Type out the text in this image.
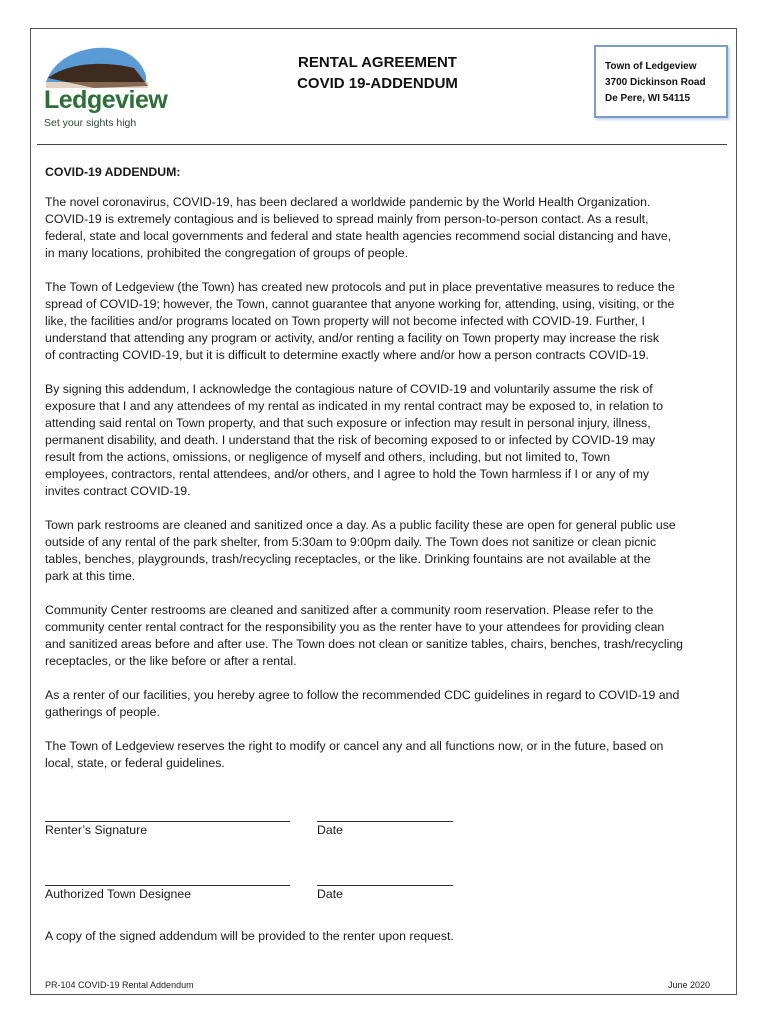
Ledgeview
Set your sights high
RENTAL AGREEMENT
COVID 19-ADDENDUM
Town of Ledgeview
3700 Dickinson Road
De Pere, WI 54115

COVID-19 ADDENDUM:

The novel coronavirus, COVID-19, has been declared a worldwide pandemic by the World Health Organization.
COVID-19 is extremely contagious and is believed to spread mainly from person-to-person contact. As a result,
federal, state and local governments and federal and state health agencies recommend social distancing and have,
in many locations, prohibited the congregation of groups of people.

The Town of Ledgeview (the Town) has created new protocols and put in place preventative measures to reduce the
spread of COVID-19; however, the Town, cannot guarantee that anyone working for, attending, using, visiting, or the
like, the facilities and/or programs located on Town property will not become infected with COVID-19. Further, I
understand that attending any program or activity, and/or renting a facility on Town property may increase the risk
of contracting COVID-19, but it is difficult to determine exactly where and/or how a person contracts COVID-19.

By signing this addendum, I acknowledge the contagious nature of COVID-19 and voluntarily assume the risk of
exposure that I and any attendees of my rental as indicated in my rental contract may be exposed to, in relation to
attending said rental on Town property, and that such exposure or infection may result in personal injury, illness,
permanent disability, and death. I understand that the risk of becoming exposed to or infected by COVID-19 may
result from the actions, omissions, or negligence of myself and others, including, but not limited to, Town
employees, contractors, rental attendees, and/or others, and I agree to hold the Town harmless if I or any of my
invites contract COVID-19.

Town park restrooms are cleaned and sanitized once a day. As a public facility these are open for general public use
outside of any rental of the park shelter, from 5:30am to 9:00pm daily. The Town does not sanitize or clean picnic
tables, benches, playgrounds, trash/recycling receptacles, or the like. Drinking fountains are not available at the
park at this time.

Community Center restrooms are cleaned and sanitized after a community room reservation. Please refer to the
community center rental contract for the responsibility you as the renter have to your attendees for providing clean
and sanitized areas before and after use. The Town does not clean or sanitize tables, chairs, benches, trash/recycling
receptacles, or the like before or after a rental.

As a renter of our facilities, you hereby agree to follow the recommended CDC guidelines in regard to COVID-19 and
gatherings of people.

The Town of Ledgeview reserves the right to modify or cancel any and all functions now, or in the future, based on
local, state, or federal guidelines.

Renter’s Signature	Date
Authorized Town Designee	Date
A copy of the signed addendum will be provided to the renter upon request.
PR-104 COVID-19 Rental Addendum	June 2020
